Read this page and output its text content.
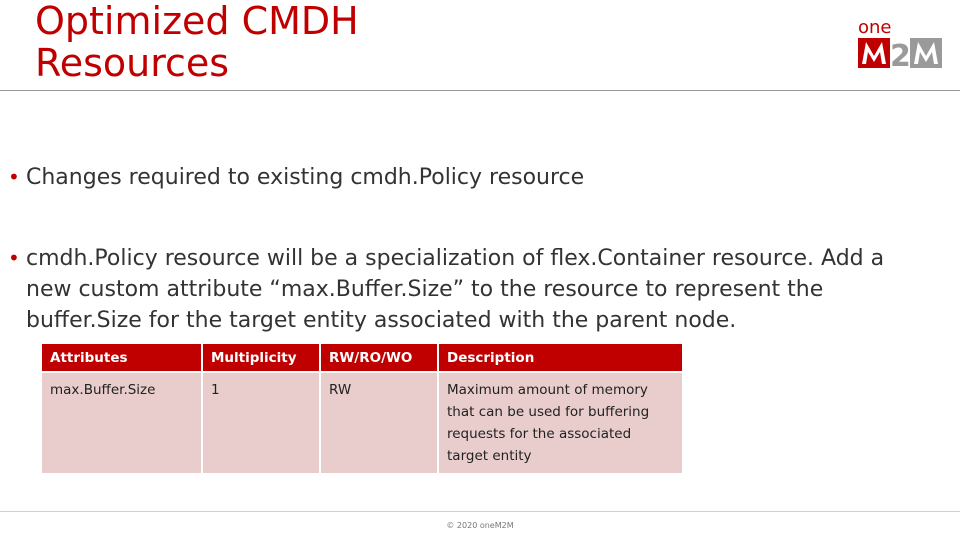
Optimized CMDH
Resources
one
2
• Changes required to existing cmdh.Policy resource
• cmdh.Policy resource will be a specialization of flex.Container resource. Add a new custom attribute “max.Buffer.Size” to the resource to represent the buffer.Size for the target entity associated with the parent node.
Attributes	Multiplicity	RW/RO/WO	Description
max.Buffer.Size	1	RW	Maximum amount of memory that can be used for buffering requests for the associated target entity
© 2020 oneM2M
